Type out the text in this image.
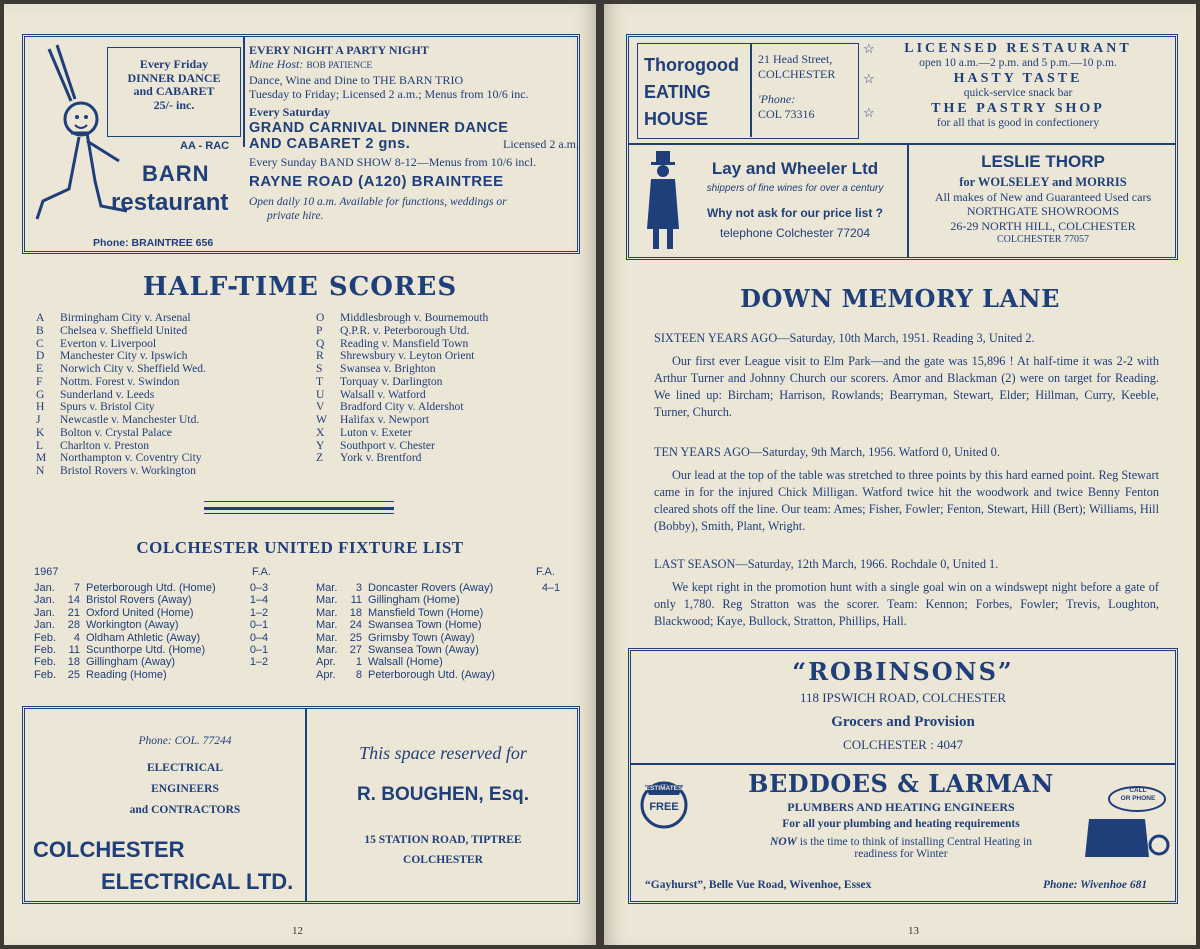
Every Friday
DINNER DANCE
and CABARET
25/- inc.
AA - RAC
BARN
restaurant
Phone: BRAINTREE 656
EVERY NIGHT A PARTY NIGHT
Mine Host: BOB PATIENCE
Dance, Wine and Dine to THE BARN TRIO
Tuesday to Friday; Licensed 2 a.m.; Menus from 10/6 inc.
Every Saturday
GRAND CARNIVAL DINNER DANCE
AND CABARET 2 gns.	Licensed 2 a.m.
Every Sunday BAND SHOW 8-12—Menus from 10/6 incl.
RAYNE ROAD (A120) BRAINTREE
Open daily 10 a.m. Available for functions, weddings or
private hire.
HALF-TIME SCORES
A	Birmingham City v. Arsenal
B	Chelsea v. Sheffield United
C	Everton v. Liverpool
D	Manchester City v. Ipswich
E	Norwich City v. Sheffield Wed.
F	Nottm. Forest v. Swindon
G	Sunderland v. Leeds
H	Spurs v. Bristol City
J	Newcastle v. Manchester Utd.
K	Bolton v. Crystal Palace
L	Charlton v. Preston
M	Northampton v. Coventry City
N	Bristol Rovers v. Workington
O	Middlesbrough v. Bournemouth
P	Q.P.R. v. Peterborough Utd.
Q	Reading v. Mansfield Town
R	Shrewsbury v. Leyton Orient
S	Swansea v. Brighton
T	Torquay v. Darlington
U	Walsall v. Watford
V	Bradford City v. Aldershot
W	Halifax v. Newport
X	Luton v. Exeter
Y	Southport v. Chester
Z	York v. Brentford
COLCHESTER UNITED FIXTURE LIST
1967	F.A.	F.A.
Jan.	7 Peterborough Utd. (Home)	0–3
Jan.	14 Bristol Rovers (Away)	1–4
Jan.	21 Oxford United (Home)	1–2
Jan.	28 Workington (Away)	0–1
Feb.	4 Oldham Athletic (Away)	0–4
Feb.	11 Scunthorpe Utd. (Home)	0–1
Feb.	18 Gillingham (Away)	1–2
Feb.	25 Reading (Home)
Mar.	3 Doncaster Rovers (Away)	4–1
Mar.	11 Gillingham (Home)
Mar.	18 Mansfield Town (Home)
Mar.	24 Swansea Town (Home)
Mar.	25 Grimsby Town (Away)
Mar.	27 Swansea Town (Away)
Apr.	1 Walsall (Home)
Apr.	8 Peterborough Utd. (Away)
Phone: COL. 77244
ELECTRICAL
ENGINEERS
and CONTRACTORS
COLCHESTER
ELECTRICAL LTD.
This space reserved for
R. BOUGHEN, Esq.
15 STATION ROAD, TIPTREE
COLCHESTER
12
Thorogood
EATING
HOUSE
21 Head Street,
COLCHESTER
'Phone:
COL 73316
☆
☆
☆
LICENSED RESTAURANT
open 10 a.m.—2 p.m. and 5 p.m.—10 p.m.
HASTY TASTE
quick-service snack bar
THE PASTRY SHOP
for all that is good in confectionery
Lay and Wheeler Ltd
shippers of fine wines for over a century
Why not ask for our price list ?
telephone Colchester 77204
LESLIE THORP
for WOLSELEY and MORRIS
All makes of New and Guaranteed Used cars
NORTHGATE SHOWROOMS
26-29 NORTH HILL, COLCHESTER
COLCHESTER 77057
DOWN MEMORY LANE
SIXTEEN YEARS AGO—Saturday, 10th March, 1951. Reading 3, United 2.
Our first ever League visit to Elm Park—and the gate was 15,896 ! At half-time it was 2-2 with Arthur Turner and Johnny Church our scorers. Amor and Blackman (2) were on target for Reading. We lined up: Bircham; Harrison, Rowlands; Bearryman, Stewart, Elder; Hillman, Curry, Keeble, Turner, Church.
TEN YEARS AGO—Saturday, 9th March, 1956. Watford 0, United 0.
Our lead at the top of the table was stretched to three points by this hard earned point. Reg Stewart came in for the injured Chick Milligan. Watford twice hit the woodwork and twice Benny Fenton cleared shots off the line. Our team: Ames; Fisher, Fowler; Fenton, Stewart, Hill (Bert); Williams, Hill (Bobby), Smith, Plant, Wright.
LAST SEASON—Saturday, 12th March, 1966. Rochdale 0, United 1.
We kept right in the promotion hunt with a single goal win on a windswept night before a gate of only 1,780. Reg Stratton was the scorer. Team: Kennon; Forbes, Fowler; Trevis, Loughton, Blackwood; Kaye, Bullock, Stratton, Phillips, Hall.
“ROBINSONS”
118 IPSWICH ROAD, COLCHESTER
Grocers and Provision
COLCHESTER : 4047
ESTIMATES
FREE
BEDDOES & LARMAN
PLUMBERS AND HEATING ENGINEERS
For all your plumbing and heating requirements
NOW is the time to think of installing Central Heating in
readiness for Winter
CALL
OR PHONE
“Gayhurst”, Belle Vue Road, Wivenhoe, Essex	Phone: Wivenhoe 681
13
